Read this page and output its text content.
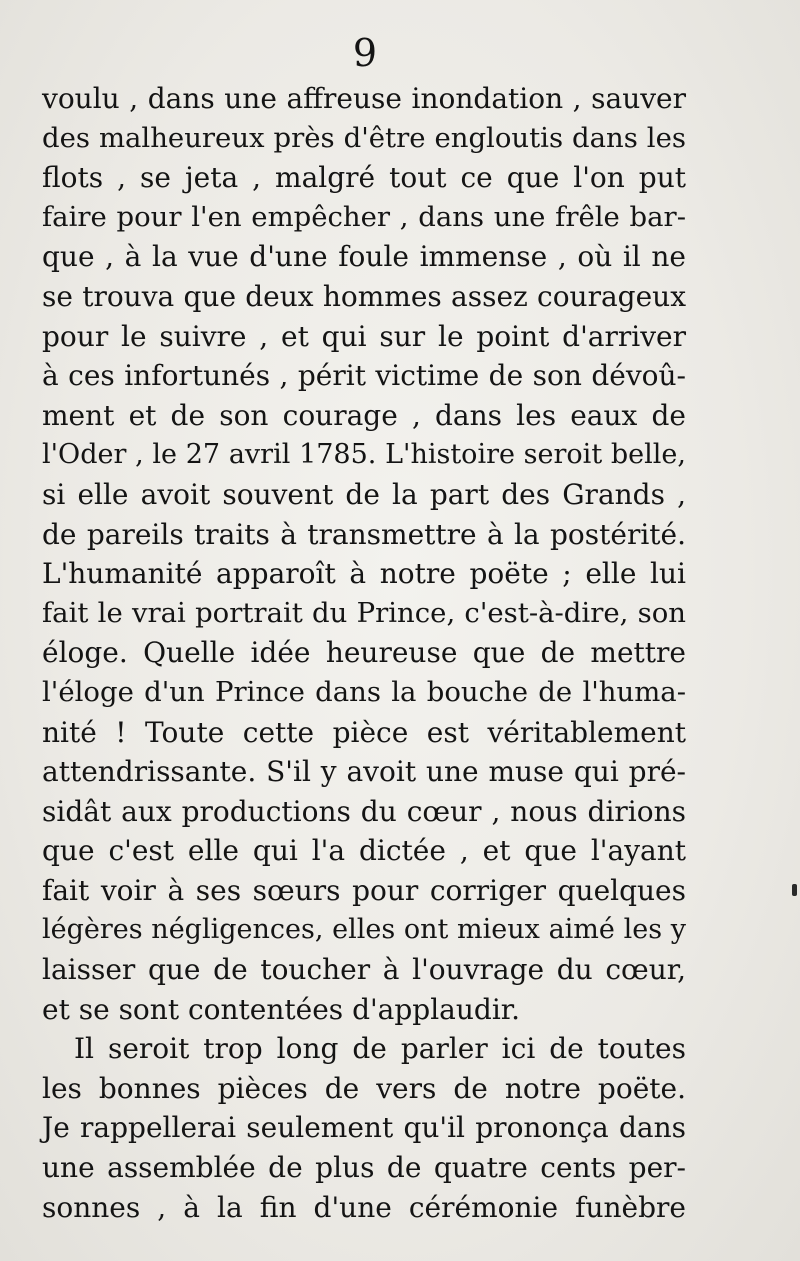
9
voulu , dans une affreuse inondation , sauver
des malheureux près d'être engloutis dans les
flots , se jeta , malgré tout ce que l'on put
faire pour l'en empêcher , dans une frêle bar-
que , à la vue d'une foule immense , où il ne
se trouva que deux hommes assez courageux
pour le suivre , et qui sur le point d'arriver
à ces infortunés , périt victime de son dévoû-
ment et de son courage , dans les eaux de
l'Oder , le 27 avril 1785. L'histoire seroit belle,
si elle avoit souvent de la part des Grands ,
de pareils traits à transmettre à la postérité.
L'humanité apparoît à notre poëte ; elle lui
fait le vrai portrait du Prince, c'est-à-dire, son
éloge. Quelle idée heureuse que de mettre
l'éloge d'un Prince dans la bouche de l'huma-
nité ! Toute cette pièce est véritablement
attendrissante. S'il y avoit une muse qui pré-
sidât aux productions du cœur , nous dirions
que c'est elle qui l'a dictée , et que l'ayant
fait voir à ses sœurs pour corriger quelques
légères négligences, elles ont mieux aimé les y
laisser que de toucher à l'ouvrage du cœur,
et se sont contentées d'applaudir.
Il seroit trop long de parler ici de toutes
les bonnes pièces de vers de notre poëte.
Je rappellerai seulement qu'il prononça dans
une assemblée de plus de quatre cents per-
sonnes , à la fin d'une cérémonie funèbre
